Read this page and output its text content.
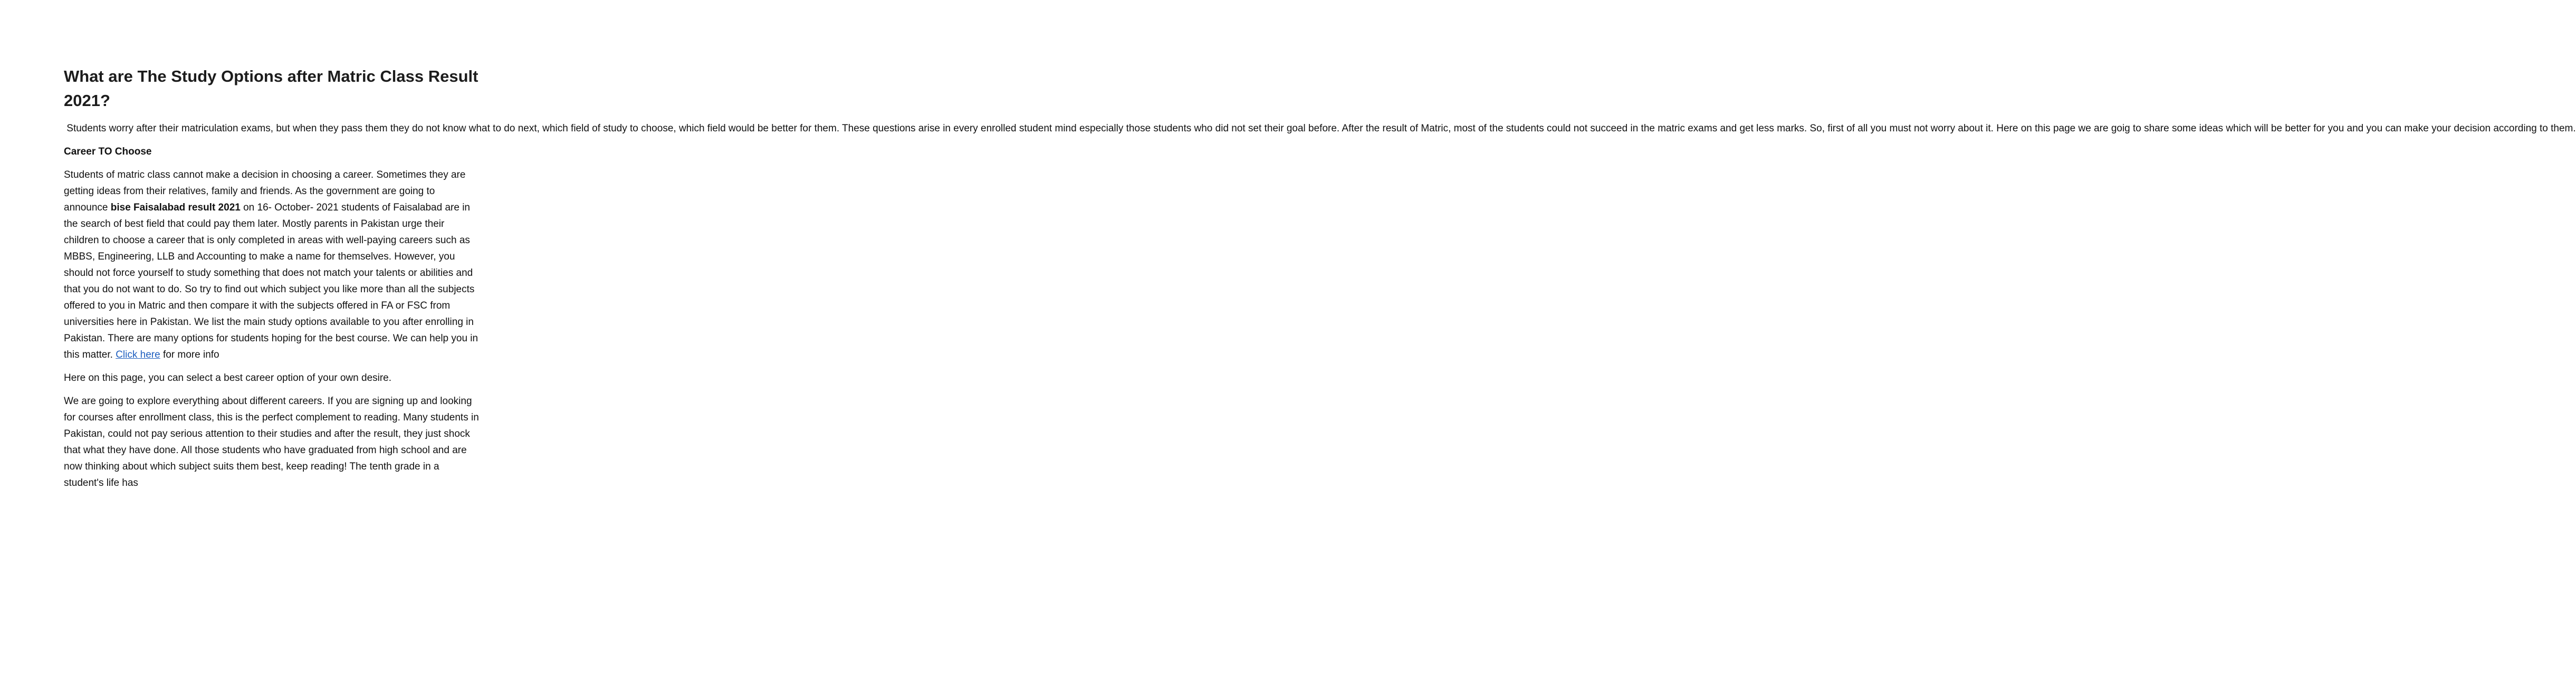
What are The Study Options after Matric Class Result 2021?

Students worry after their matriculation exams, but when they pass them they do not know what to do next, which field of study to choose, which field would be better for them. These questions arise in every enrolled student mind especially those students who did not set their goal before. After the result of Matric, most of the students could not succeed in the matric exams and get less marks. So, first of all you must not worry about it. Here on this page we are goig to share some ideas which will be better for you and you can make your decision according to them.

Career TO Choose

Students of matric class cannot make a decision in choosing a career. Sometimes they are getting ideas from their relatives, family and friends. As the government are going to announce bise Faisalabad result 2021 on 16- October- 2021 students of Faisalabad are in the search of best field that could pay them later. Mostly parents in Pakistan urge their children to choose a career that is only completed in areas with well-paying careers such as MBBS, Engineering, LLB and Accounting to make a name for themselves. However, you should not force yourself to study something that does not match your talents or abilities and that you do not want to do. So try to find out which subject you like more than all the subjects offered to you in Matric and then compare it with the subjects offered in FA or FSC from universities here in Pakistan. We list the main study options available to you after enrolling in Pakistan. There are many options for students hoping for the best course. We can help you in this matter. Click here for more info

Here on this page, you can select a best career option of your own desire.

We are going to explore everything about different careers. If you are signing up and looking for courses after enrollment class, this is the perfect complement to reading. Many students in Pakistan, could not pay serious attention to their studies and after the result, they just shock that what they have done. All those students who have graduated from high school and are now thinking about which subject suits them best, keep reading! The tenth grade in a student's life has
